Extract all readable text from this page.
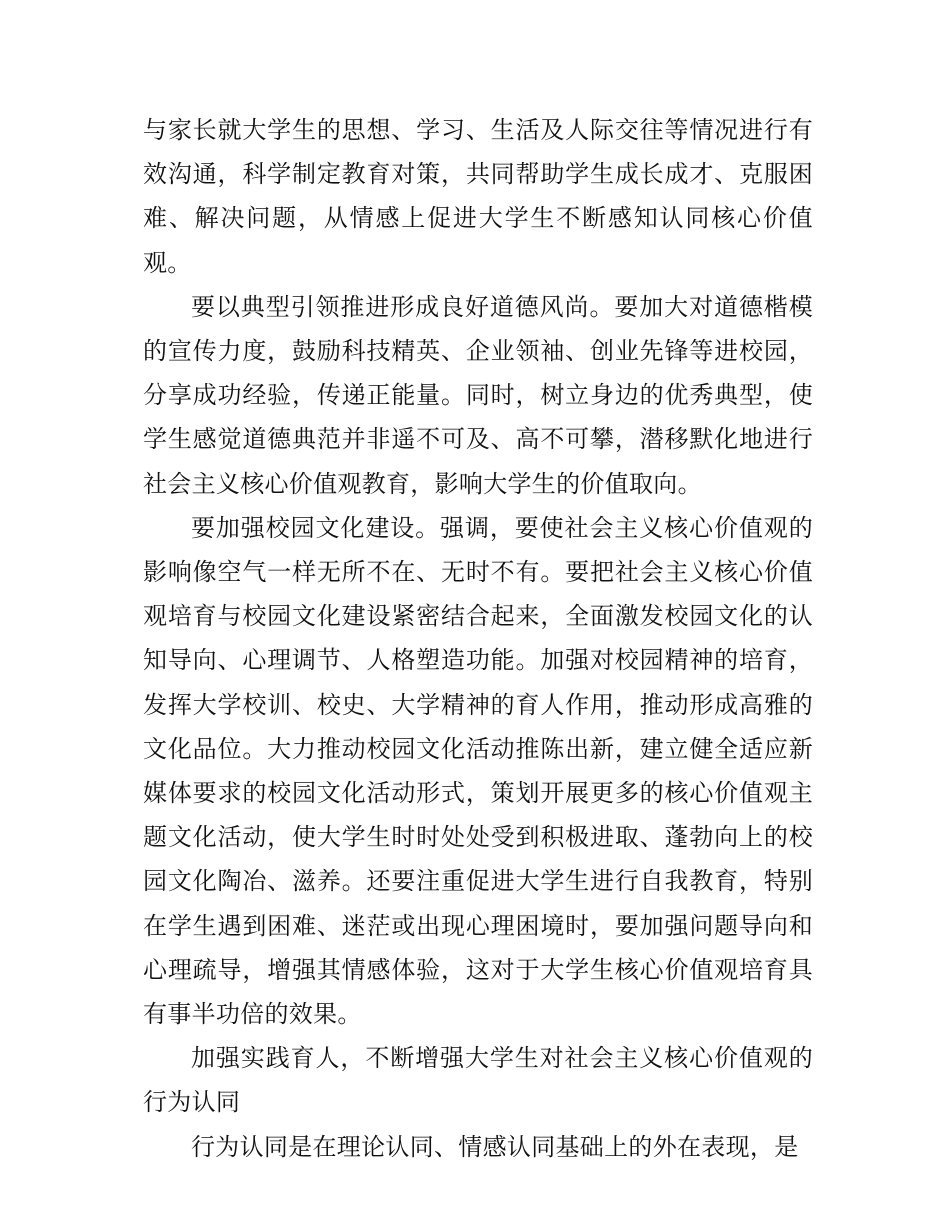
与家长就大学生的思想、学习、生活及人际交往等情况进行有效沟通，科学制定教育对策，共同帮助学生成长成才、克服困难、解决问题，从情感上促进大学生不断感知认同核心价值观。

要以典型引领推进形成良好道德风尚。要加大对道德楷模的宣传力度，鼓励科技精英、企业领袖、创业先锋等进校园，分享成功经验，传递正能量。同时，树立身边的优秀典型，使学生感觉道德典范并非遥不可及、高不可攀，潜移默化地进行社会主义核心价值观教育，影响大学生的价值取向。

要加强校园文化建设。强调，要使社会主义核心价值观的影响像空气一样无所不在、无时不有。要把社会主义核心价值观培育与校园文化建设紧密结合起来，全面激发校园文化的认知导向、心理调节、人格塑造功能。加强对校园精神的培育，发挥大学校训、校史、大学精神的育人作用，推动形成高雅的文化品位。大力推动校园文化活动推陈出新，建立健全适应新媒体要求的校园文化活动形式，策划开展更多的核心价值观主题文化活动，使大学生时时处处受到积极进取、蓬勃向上的校园文化陶冶、滋养。还要注重促进大学生进行自我教育，特别在学生遇到困难、迷茫或出现心理困境时，要加强问题导向和心理疏导，增强其情感体验，这对于大学生核心价值观培育具有事半功倍的效果。

加强实践育人，不断增强大学生对社会主义核心价值观的行为认同

行为认同是在理论认同、情感认同基础上的外在表现，是
